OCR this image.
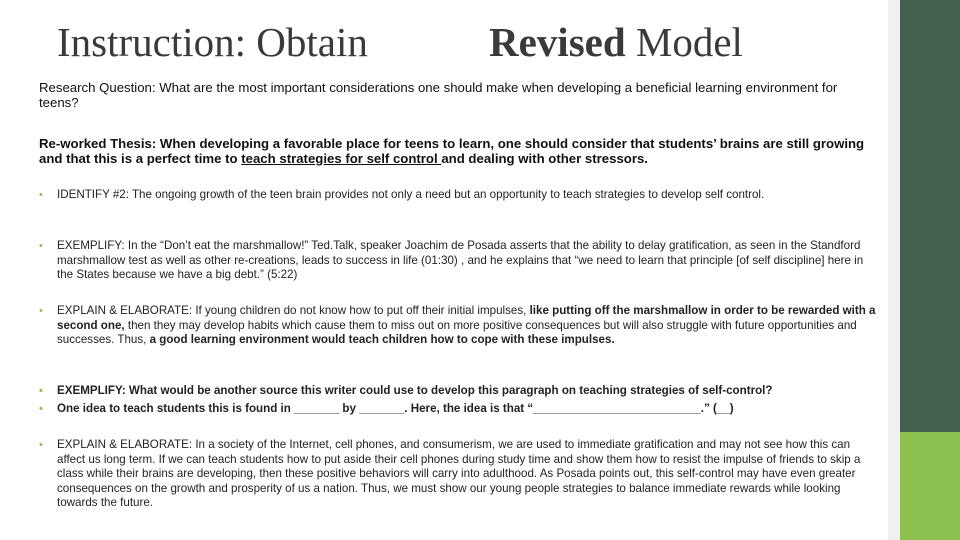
Instruction: Obtain	Revised Model
Research Question: What are the most important considerations one should make when developing a beneficial learning environment for teens?
Re-worked Thesis: When developing a favorable place for teens to learn, one should consider that students’ brains are still growing and that this is a perfect time to teach strategies for self control and dealing with other stressors.
•	IDENTIFY #2: The ongoing growth of the teen brain provides not only a need but an opportunity to teach strategies to develop self control.
•	EXEMPLIFY: In the “Don’t eat the marshmallow!” Ted.Talk, speaker Joachim de Posada asserts that the ability to delay gratification, as seen in the Standford marshmallow test as well as other re-creations, leads to success in life (01:30) , and he explains that “we need to learn that principle [of self discipline] here in the States because we have a big debt.” (5:22)
•	EXPLAIN & ELABORATE: If young children do not know how to put off their initial impulses, like putting off the marshmallow in order to be rewarded with a second one, then they may develop habits which cause them to miss out on more positive consequences but will also struggle with future opportunities and successes. Thus, a good learning environment would teach children how to cope with these impulses.
•	EXEMPLIFY: What would be another source this writer could use to develop this paragraph on teaching strategies of self-control?
•	One idea to teach students this is found in _______ by _______. Here, the idea is that “__________________________.” (__)
•	EXPLAIN & ELABORATE: In a society of the Internet, cell phones, and consumerism, we are used to immediate gratification and may not see how this can affect us long term. If we can teach students how to put aside their cell phones during study time and show them how to resist the impulse of friends to skip a class while their brains are developing, then these positive behaviors will carry into adulthood. As Posada points out, this self-control may have even greater consequences on the growth and prosperity of us a nation. Thus, we must show our young people strategies to balance immediate rewards while looking towards the future.
